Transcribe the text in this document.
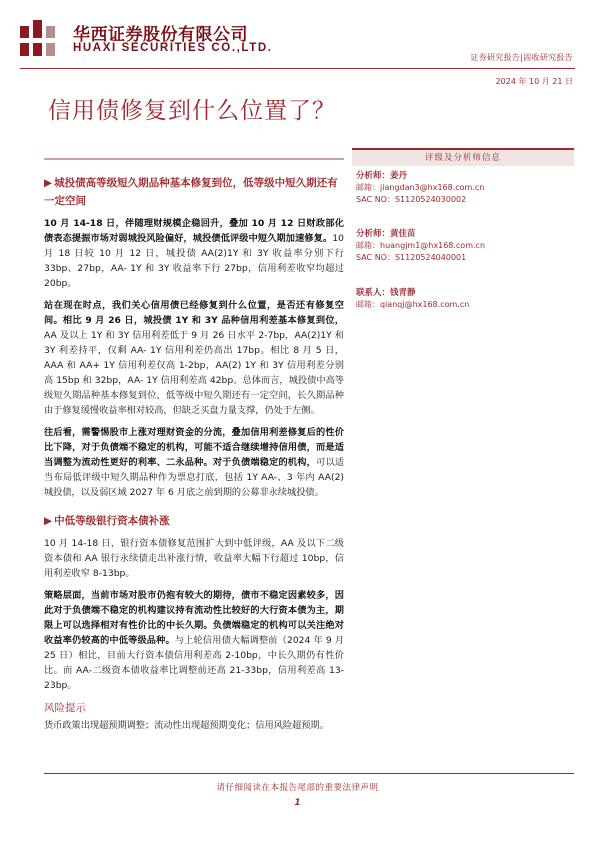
华西证券股份有限公司
HUAXI SECURITIES CO.,LTD.
证券研究报告|固收研究报告
2024 年 10 月 21 日
信用债修复到什么位置了？
▶ 城投债高等级短久期品种基本修复到位，低等级中短久期还有一定空间

10 月 14-18 日，伴随理财规模企稳回升，叠加 10 月 12 日财政部化债表态提振市场对弱城投风险偏好，城投债低评级中短久期加速修复。10 月 18 日较 10 月 12 日，城投债 AA(2)1Y 和 3Y 收益率分别下行 33bp、27bp，AA- 1Y 和 3Y 收益率下行 27bp，信用利差收窄均超过 20bp。

站在现在时点，我们关心信用债已经修复到什么位置，是否还有修复空间。相比 9 月 26 日，城投债 1Y 和 3Y 品种信用利差基本修复到位，AA 及以上 1Y 和 3Y 信用利差低于 9 月 26 日水平 2-7bp，AA(2)1Y 和 3Y 利差持平，仅剩 AA- 1Y 信用利差仍高出 17bp。相比 8 月 5 日，AAA 和 AA+ 1Y 信用利差仅高 1-2bp，AA(2) 1Y 和 3Y 信用利差分别高 15bp 和 32bp，AA- 1Y 信用利差高 42bp。总体而言，城投债中高等级短久期品种基本修复到位，低等级中短久期还有一定空间，长久期品种由于修复缓慢收益率相对较高，但缺乏买盘力量支撑，仍处于左侧。

往后看，需警惕股市上涨对理财资金的分流，叠加信用利差修复后的性价比下降，对于负债端不稳定的机构，可能不适合继续增持信用债，而是适当调整为流动性更好的利率、二永品种。对于负债端稳定的机构，可以适当布局低评级中短久期品种作为票息打底，包括 1Y AA-、3 年内 AA(2)城投债，以及弱区域 2027 年 6 月底之前到期的公募非永续城投债。

▶ 中低等级银行资本债补涨

10 月 14-18 日，银行资本债修复范围扩大到中低评级，AA 及以下二级资本债和 AA 银行永续债走出补涨行情，收益率大幅下行超过 10bp，信用利差收窄 8-13bp。

策略层面，当前市场对股市仍抱有较大的期待，债市不稳定因素较多，因此对于负债端不稳定的机构建议持有流动性比较好的大行资本债为主，期限上可以选择相对有性价比的中长久期。负债端稳定的机构可以关注绝对收益率仍较高的中低等级品种。与上轮信用债大幅调整前（2024 年 9 月 25 日）相比，目前大行资本债信用利差高 2-10bp，中长久期仍有性价比。而 AA-二级资本债收益率比调整前还高 21-33bp，信用利差高 13-23bp。

风险提示

货币政策出现超预期调整；流动性出现超预期变化；信用风险超预期。

评级及分析师信息
分析师：姜丹
邮箱：jiangdan3@hx168.com.cn
SAC NO：S1120524030002
分析师：黄佳苗
邮箱：huangjm1@hx168.com.cn
SAC NO：S1120524040001
联系人：钱青静
邮箱：qianqj@hx168.com.cn
请仔细阅读在本报告尾部的重要法律声明
1
